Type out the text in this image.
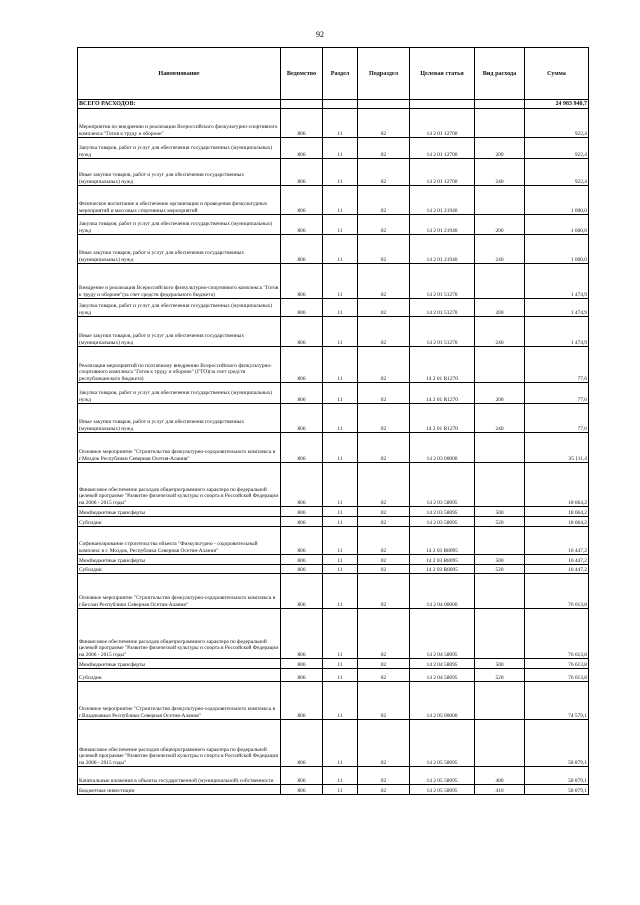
92
Наименование	Ведомство	Раздел	Подраздел	Целевая статья	Вид расхода	Сумма
ВСЕГО РАСХОДОВ:						24 983 940,7
Мероприятия по внедрению и реализации Всероссийского физкультурно-спортивного комплекса "Готов к труду и обороне"	806	11	02	14 2 01 12700		922,4
Закупка товаров, работ и услуг для обеспечения государственных (муниципальных) нужд	806	11	02	14 2 01 12700	200	922,4
Иные закупки товаров, работ и услуг для обеспечения государственных (муниципальных) нужд	806	11	02	14 2 01 12700	240	922,4
Физическое воспитание и обеспечение организации и проведения физкультурных мероприятий и массовых спортивных мероприятий	806	11	02	14 2 01 21940		1 000,0
Закупка товаров, работ и услуг для обеспечения государственных (муниципальных) нужд	806	11	02	14 2 01 21940	200	1 000,0
Иные закупки товаров, работ и услуг для обеспечения государственных (муниципальных) нужд	806	11	02	14 2 01 21940	240	1 000,0
Внедрение и реализация Всероссийского физкультурно-спортивного комплекса "Готов к труду и обороне"(за счет средств федерального бюджета)	806	11	02	14 2 01 51270		1 474,9
Закупка товаров, работ и услуг для обеспечения государственных (муниципальных) нужд	806	11	02	14 2 01 51270	200	1 474,9
Иные закупки товаров, работ и услуг для обеспечения государственных (муниципальных) нужд	806	11	02	14 2 01 51270	240	1 474,9
Реализация мероприятий по поэтапному внедрению Всероссийского физкультурно-спортивного комплекса "Готов к труду и обороне" (ГТО)(за счет средств республиканского бюджета)	806	11	02	14 2 01 R1270		77,6
Закупка товаров, работ и услуг для обеспечения государственных (муниципальных) нужд	806	11	02	14 2 01 R1270	200	77,6
Иные закупки товаров, работ и услуг для обеспечения государственных (муниципальных) нужд	806	11	02	14 2 01 R1270	240	77,6
Основное мероприятие "Строительство физкультурно-оздоровительного комплекса в г.Моздок Республики Северная Осетия-Алания"	806	11	02	14 2 03 00000		35 111,4
Финансовое обеспечение расходов общепрограммного характера по федеральной целевой программе "Развитие физической культуры и спорта в Российской Федерации на 2006 - 2015 годы"	806	11	02	14 2 03 58095		18 664,2
Межбюджетные трансферты	806	11	02	14 2 03 58095	500	18 664,2
Субсидии	806	11	02	14 2 03 58095	520	18 664,2
Софинансирование строительства объекта "Физкультурно - оздоровительный комплекс в г. Моздок, Республика Северная Осетия-Алания"	806	11	02	14 2 03 R8095		16 447,2
Межбюджетные трансферты	806	11	02	14 2 03 R8095	500	16 447,2
Субсидии	806	11	02	14 2 03 R8095	520	16 447,2
Основное мероприятие "Строительство физкультурно-оздоровительного комплекса в г.Беслан Республики Северная Осетия-Алания"	806	11	02	14 2 04 00000		76 613,8
Финансовое обеспечение расходов общепрограммного характера по федеральной целевой программе "Развитие физической культуры и спорта в Российской Федерации на 2006 - 2015 годы"	806	11	02	14 2 04 58095		76 613,8
Межбюджетные трансферты	806	11	02	14 2 04 58095	500	76 613,8
Субсидии	806	11	02	14 2 04 58095	520	76 613,8
Основное мероприятие "Строительство физкультурно-оздоровительного комплекса в г.Владикавказ Республики Северная Осетия-Алания"	806	11	02	14 2 05 00000		74 579,1
Финансовое обеспечение расходов общепрограммного характера по федеральной целевой программе "Развитие физической культуры и спорта в Российской Федерации на 2006 - 2015 годы"	806	11	02	14 2 05 58095		58 879,1
Капитальные вложения в объекты государственной (муниципальной) собственности	806	11	02	14 2 05 58095	400	58 879,1
Бюджетные инвестиции	806	11	02	14 2 05 58095	410	58 879,1
